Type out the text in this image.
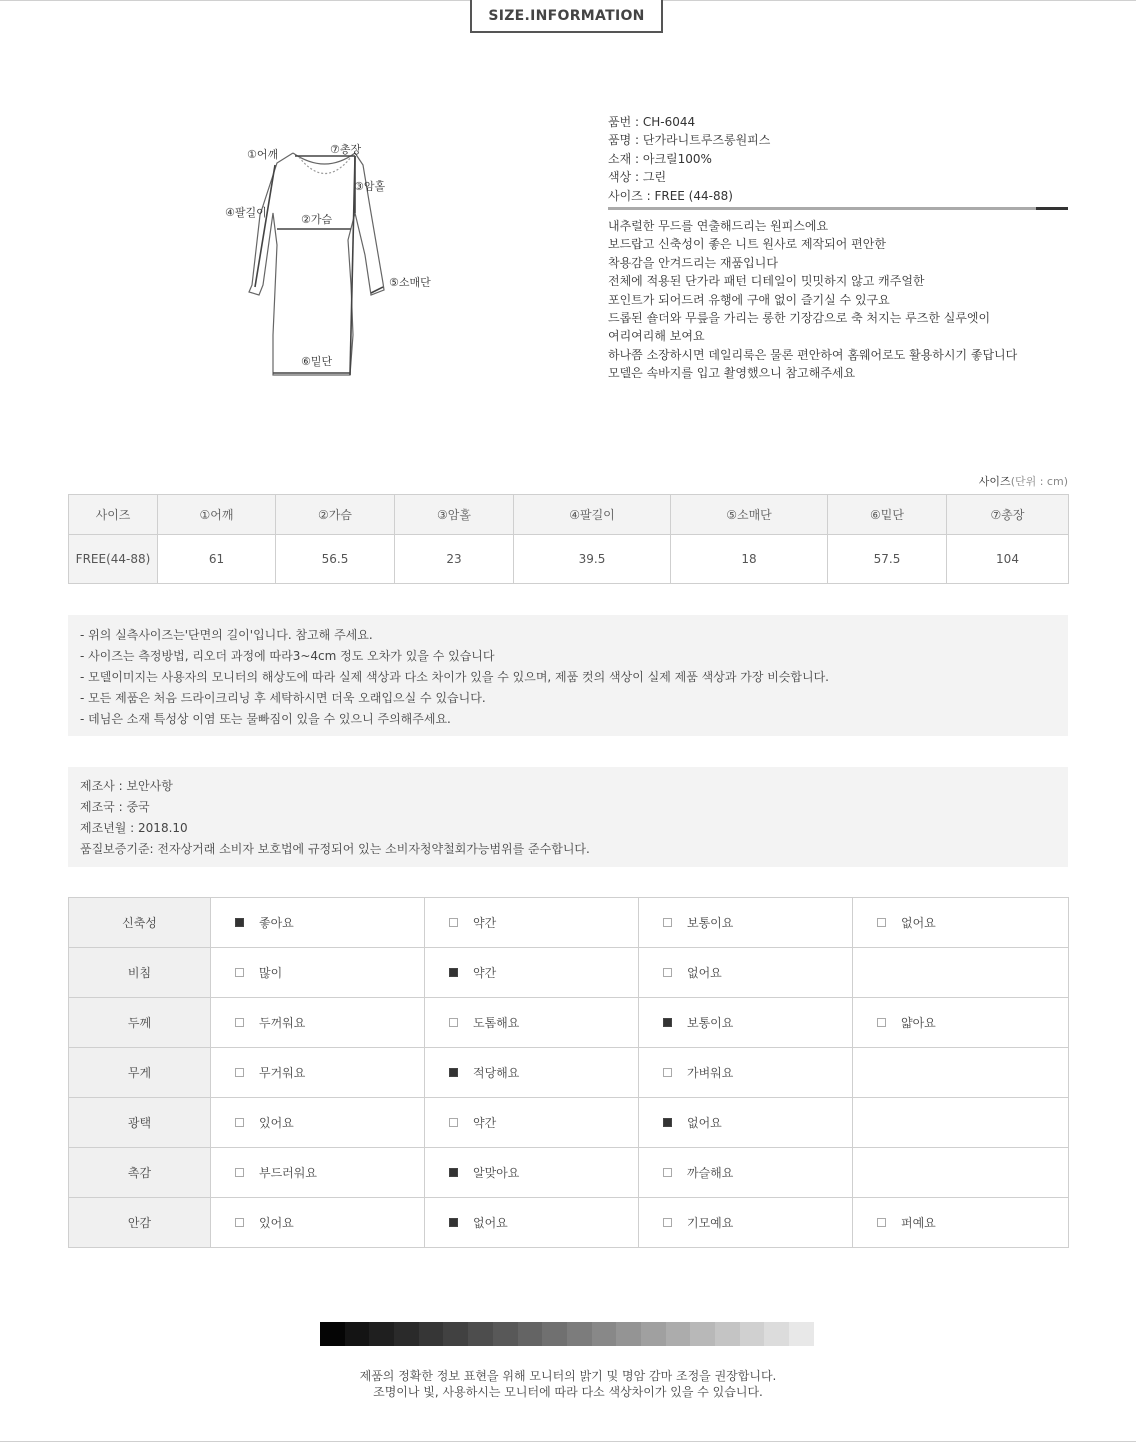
SIZE.INFORMATION
①어깨	⑦총장
③암홀
④팔길이
②가슴
⑤소매단
⑥밑단
품번 : CH-6044
품명 : 단가라니트루즈롱원피스
소재 : 아크릴100%
색상 : 그린
사이즈 : FREE (44-88)
내추럴한 무드를 연출해드리는 원피스에요
보드랍고 신축성이 좋은 니트 원사로 제작되어 편안한
착용감을 안겨드리는 재품입니다
전체에 적용된 단가라 패턴 디테일이 밋밋하지 않고 캐주얼한
포인트가 되어드려 유행에 구애 없이 즐기실 수 있구요
드롭된 숄더와 무릎을 가리는 롱한 기장감으로 축 처지는 루즈한 실루엣이
여리여리해 보여요
하나쯤 소장하시면 데일리룩은 물론 편안하여 홈웨어로도 활용하시기 좋답니다
모델은 속바지를 입고 촬영했으니 참고해주세요
사이즈(단위 : cm)
사이즈	①어깨	②가슴	③암홀	④팔길이	⑤소매단	⑥밑단	⑦총장
FREE(44-88)	61	56.5	23	39.5	18	57.5	104
- 위의 실측사이즈는'단면의 길이'입니다. 참고해 주세요.
- 사이즈는 측정방법, 리오더 과정에 따라3~4cm 정도 오차가 있을 수 있습니다
- 모델이미지는 사용자의 모니터의 해상도에 따라 실제 색상과 다소 차이가 있을 수 있으며, 제품 컷의 색상이 실제 제품 색상과 가장 비슷합니다.
- 모든 제품은 처음 드라이크리닝 후 세탁하시면 더욱 오래입으실 수 있습니다.
- 데님은 소재 특성상 이염 또는 물빠짐이 있을 수 있으니 주의해주세요.
제조사 : 보안사항
제조국 : 중국
제조년월 : 2018.10
품질보증기준: 전자상거래 소비자 보호법에 규정되어 있는 소비자청약철회가능범위를 준수합니다.
신축성	좋아요	약간	보통이요	없어요
비침	많이	약간	없어요	
두께	두꺼워요	도톰해요	보통이요	얇아요
무게	무거워요	적당해요	가벼워요	
광택	있어요	약간	없어요	
촉감	부드러워요	알맞아요	까슬해요	
안감	있어요	없어요	기모예요	퍼예요
제품의 정확한 정보 표현을 위해 모니터의 밝기 및 명암 감마 조정을 권장합니다.
조명이나 빛, 사용하시는 모니터에 따라 다소 색상차이가 있을 수 있습니다.
